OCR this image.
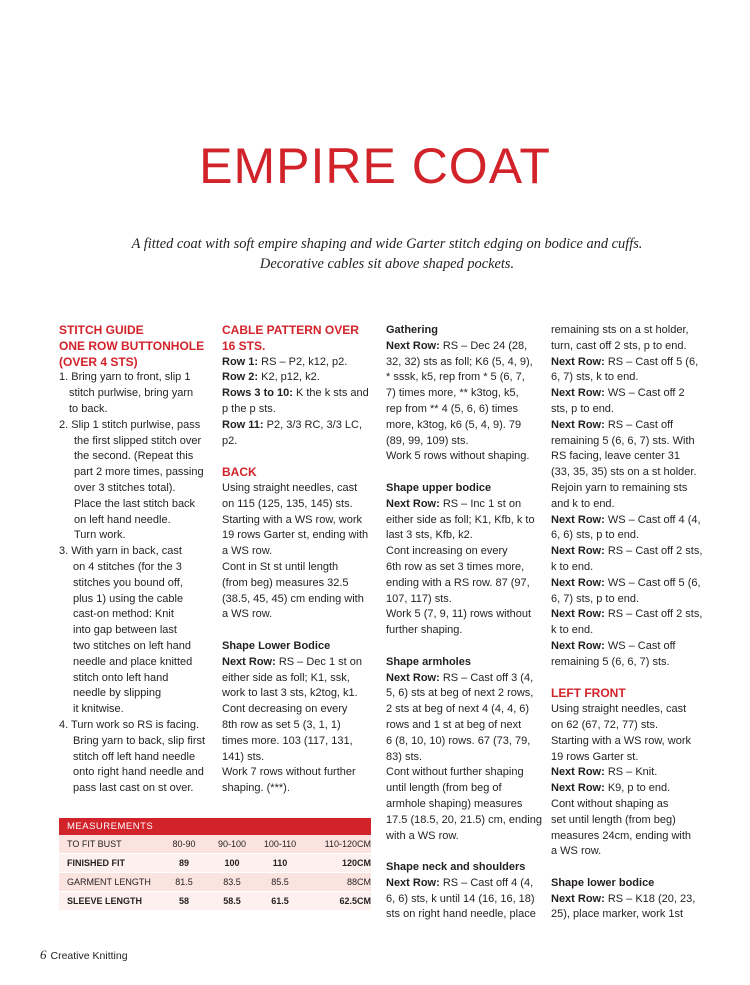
EMPIRE COAT
A fitted coat with soft empire shaping and wide Garter stitch edging on bodice and cuffs.
Decorative cables sit above shaped pockets.
STITCH GUIDE
ONE ROW BUTTONHOLE
(OVER 4 STS)
1. Bring yarn to front, slip 1
stitch purlwise, bring yarn
to back.
2. Slip 1 stitch purlwise, pass
the first slipped stitch over
the second. (Repeat this
part 2 more times, passing
over 3 stitches total).
Place the last stitch back
on left hand needle.
Turn work.
3. With yarn in back, cast
on 4 stitches (for the 3
stitches you bound off,
plus 1) using the cable
cast-on method: Knit
into gap between last
two stitches on left hand
needle and place knitted
stitch onto left hand
needle by slipping
it knitwise.
4. Turn work so RS is facing.
Bring yarn to back, slip first
stitch off left hand needle
onto right hand needle and
pass last cast on st over.
CABLE PATTERN OVER
16 STS.
Row 1: RS – P2, k12, p2.
Row 2: K2, p12, k2.
Rows 3 to 10: K the k sts and
p the p sts.
Row 11: P2, 3/3 RC, 3/3 LC,
p2.
BACK
Using straight needles, cast
on 115 (125, 135, 145) sts.
Starting with a WS row, work
19 rows Garter st, ending with
a WS row.
Cont in St st until length
(from beg) measures 32.5
(38.5, 45, 45) cm ending with
a WS row.
Shape Lower Bodice
Next Row: RS – Dec 1 st on
either side as foll; K1, ssk,
work to last 3 sts, k2tog, k1.
Cont decreasing on every
8th row as set 5 (3, 1, 1)
times more. 103 (117, 131,
141) sts.
Work 7 rows without further
shaping. (***).
Gathering
Next Row: RS – Dec 24 (28,
32, 32) sts as foll; K6 (5, 4, 9),
* sssk, k5, rep from * 5 (6, 7,
7) times more, ** k3tog, k5,
rep from ** 4 (5, 6, 6) times
more, k3tog, k6 (5, 4, 9). 79
(89, 99, 109) sts.
Work 5 rows without shaping.
Shape upper bodice
Next Row: RS – Inc 1 st on
either side as foll; K1, Kfb, k to
last 3 sts, Kfb, k2.
Cont increasing on every
6th row as set 3 times more,
ending with a RS row. 87 (97,
107, 117) sts.
Work 5 (7, 9, 11) rows without
further shaping.
Shape armholes
Next Row: RS – Cast off 3 (4,
5, 6) sts at beg of next 2 rows,
2 sts at beg of next 4 (4, 4, 6)
rows and 1 st at beg of next
6 (8, 10, 10) rows. 67 (73, 79,
83) sts.
Cont without further shaping
until length (from beg of
armhole shaping) measures
17.5 (18.5, 20, 21.5) cm, ending
with a WS row.
Shape neck and shoulders
Next Row: RS – Cast off 4 (4,
6, 6) sts, k until 14 (16, 16, 18)
sts on right hand needle, place
remaining sts on a st holder,
turn, cast off 2 sts, p to end.
Next Row: RS – Cast off 5 (6,
6, 7) sts, k to end.
Next Row: WS – Cast off 2
sts, p to end.
Next Row: RS – Cast off
remaining 5 (6, 6, 7) sts. With
RS facing, leave center 31
(33, 35, 35) sts on a st holder.
Rejoin yarn to remaining sts
and k to end.
Next Row: WS – Cast off 4 (4,
6, 6) sts, p to end.
Next Row: RS – Cast off 2 sts,
k to end.
Next Row: WS – Cast off 5 (6,
6, 7) sts, p to end.
Next Row: RS – Cast off 2 sts,
k to end.
Next Row: WS – Cast off
remaining 5 (6, 6, 7) sts.
LEFT FRONT
Using straight needles, cast
on 62 (67, 72, 77) sts.
Starting with a WS row, work
19 rows Garter st.
Next Row: RS – Knit.
Next Row: K9, p to end.
Cont without shaping as
set until length (from beg)
measures 24cm, ending with
a WS row.
Shape lower bodice
Next Row: RS – K18 (20, 23,
25), place marker, work 1st
MEASUREMENTS
TO FIT BUST	80-90	90-100	100-110	110-120CM
FINISHED FIT	89	100	110	120CM
GARMENT LENGTH	81.5	83.5	85.5	88CM
SLEEVE LENGTH	58	58.5	61.5	62.5CM
6 Creative Knitting
